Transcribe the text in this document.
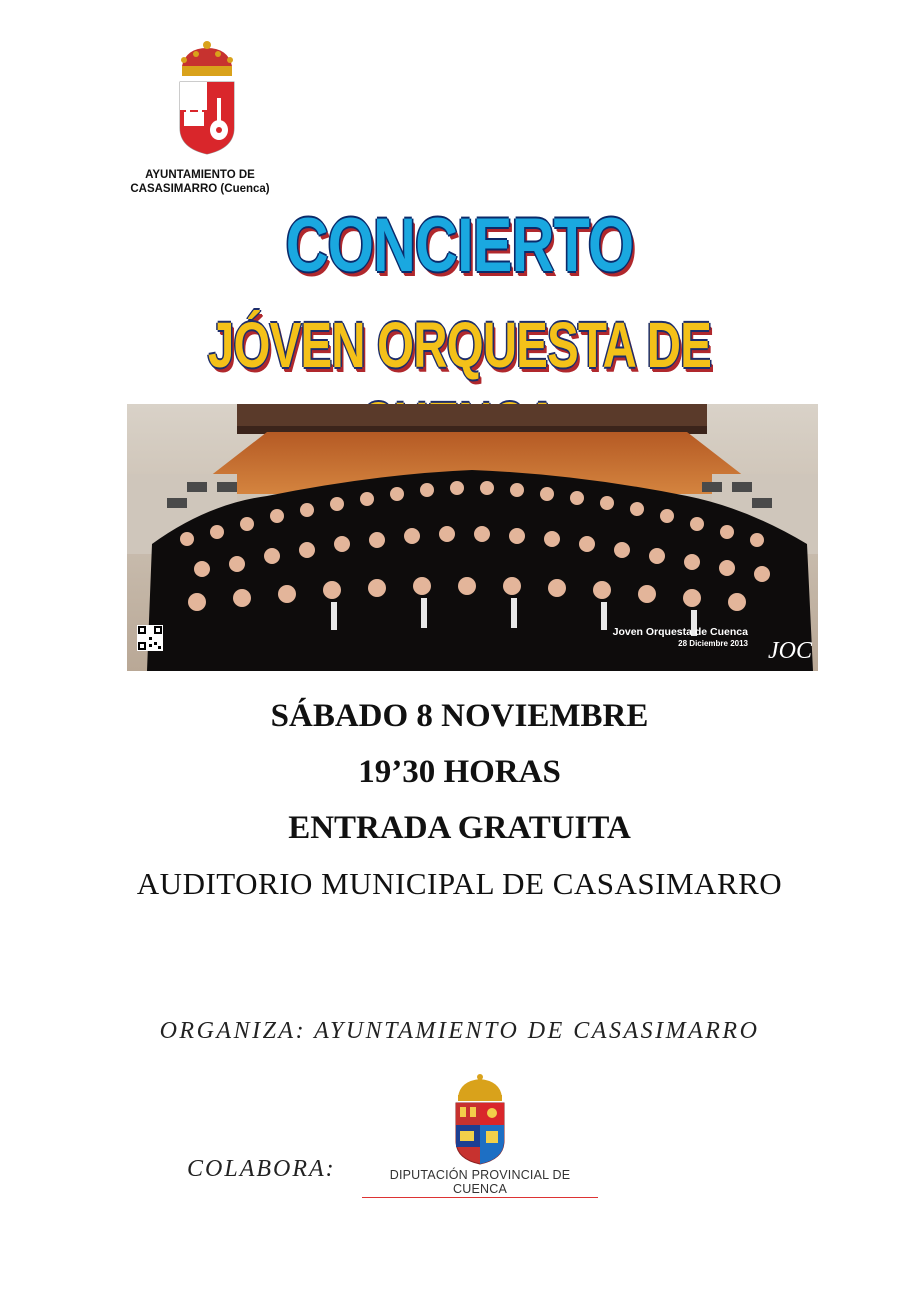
AYUNTAMIENTO DE
CASASIMARRO (Cuenca)
CONCIERTO
JÓVEN ORQUESTA DE
Joven Orquesta de Cuenca
28 Diciembre 2013 JOC
SÁBADO 8 NOVIEMBRE
19’30 HORAS
ENTRADA GRATUITA
AUDITORIO MUNICIPAL DE CASASIMARRO
ORGANIZA: AYUNTAMIENTO DE CASASIMARRO
COLABORA:	DIPUTACIÓN PROVINCIAL DE CUENCA
